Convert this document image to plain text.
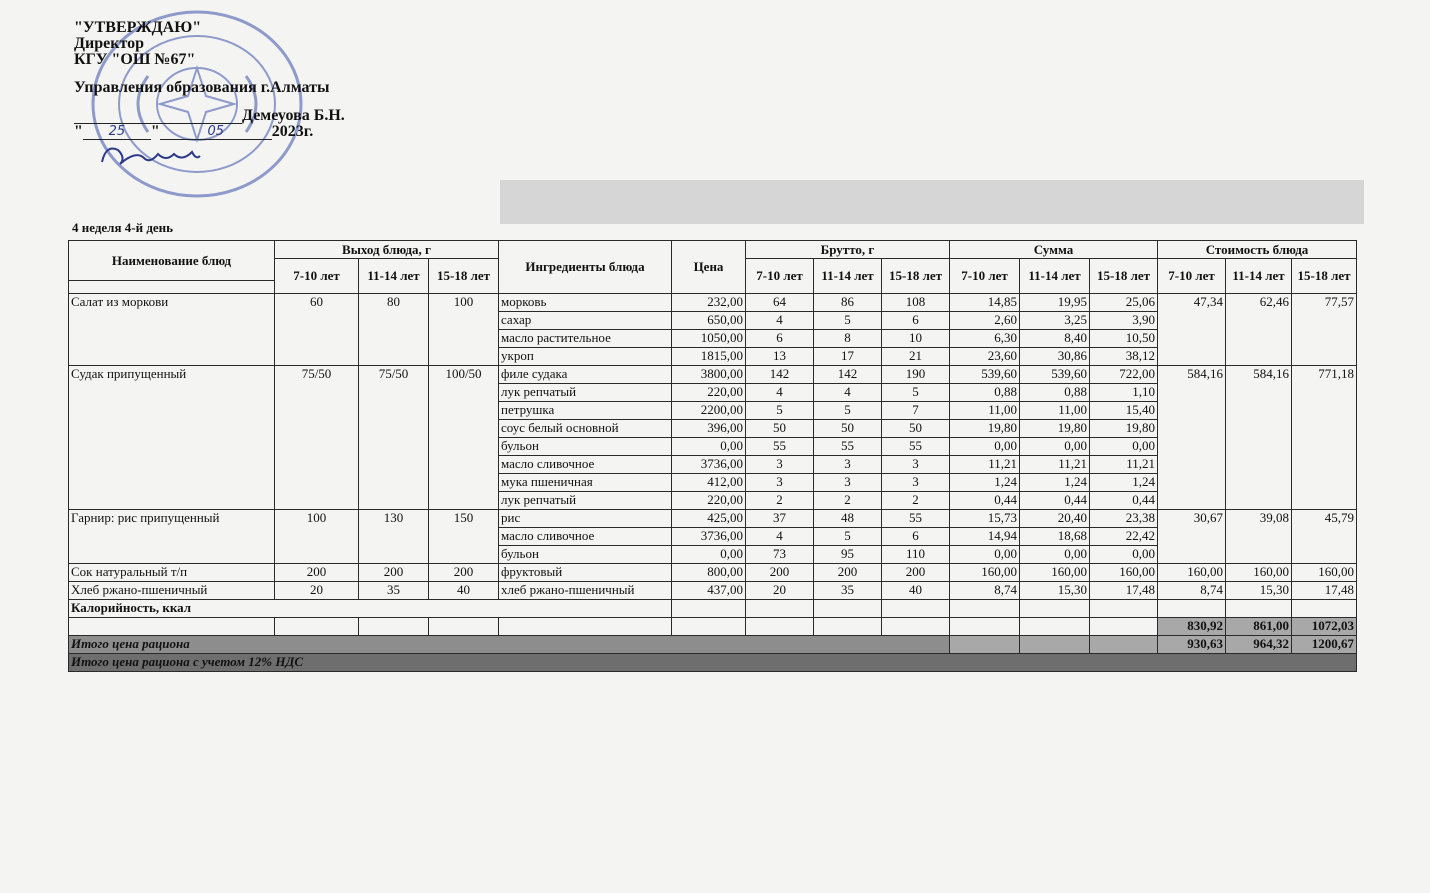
"УТВЕРЖДАЮ"
Директор
КГУ "ОШ №67"
Управления образования г.Алматы
Демеуова Б.Н.
" 25 "	05	2023г.
4 неделя 4-й день
Наименование блюд	Выход блюда, г			Ингредиенты блюда	Цена	Брутто, г			Сумма			Стоимость блюда		
	7-10 лет	11-14 лет	15-18 лет			7-10 лет	11-14 лет	15-18 лет	7-10 лет	11-14 лет	15-18 лет	7-10 лет	11-14 лет	15-18 лет

Салат из моркови	60	80	100	морковь	232,00	64	86	108	14,85	19,95	25,06	47,34	62,46	77,57
				сахар	650,00	4	5	6	2,60	3,25	3,90			
				масло растительное	1050,00	6	8	10	6,30	8,40	10,50			
				укроп	1815,00	13	17	21	23,60	30,86	38,12			
Судак припущенный	75/50	75/50	100/50	филе судака	3800,00	142	142	190	539,60	539,60	722,00	584,16	584,16	771,18
				лук репчатый	220,00	4	4	5	0,88	0,88	1,10			
				петрушка	2200,00	5	5	7	11,00	11,00	15,40			
				соус белый основной	396,00	50	50	50	19,80	19,80	19,80			
				бульон	0,00	55	55	55	0,00	0,00	0,00			
				масло сливочное	3736,00	3	3	3	11,21	11,21	11,21			
				мука пшеничная	412,00	3	3	3	1,24	1,24	1,24			
				лук репчатый	220,00	2	2	2	0,44	0,44	0,44			
Гарнир: рис припущенный	100	130	150	рис	425,00	37	48	55	15,73	20,40	23,38	30,67	39,08	45,79
				масло сливочное	3736,00	4	5	6	14,94	18,68	22,42			
				бульон	0,00	73	95	110	0,00	0,00	0,00			
Сок натуральный т/п	200	200	200	фруктовый	800,00	200	200	200	160,00	160,00	160,00	160,00	160,00	160,00
Хлеб ржано-пшеничный	20	35	40	хлеб ржано-пшеничный	437,00	20	35	40	8,74	15,30	17,48	8,74	15,30	17,48
Калорийность, ккал														
												830,92	861,00	1072,03
Итого цена рациона												930,63	964,32	1200,67
Итого цена рациона с учетом 12% НДС														
